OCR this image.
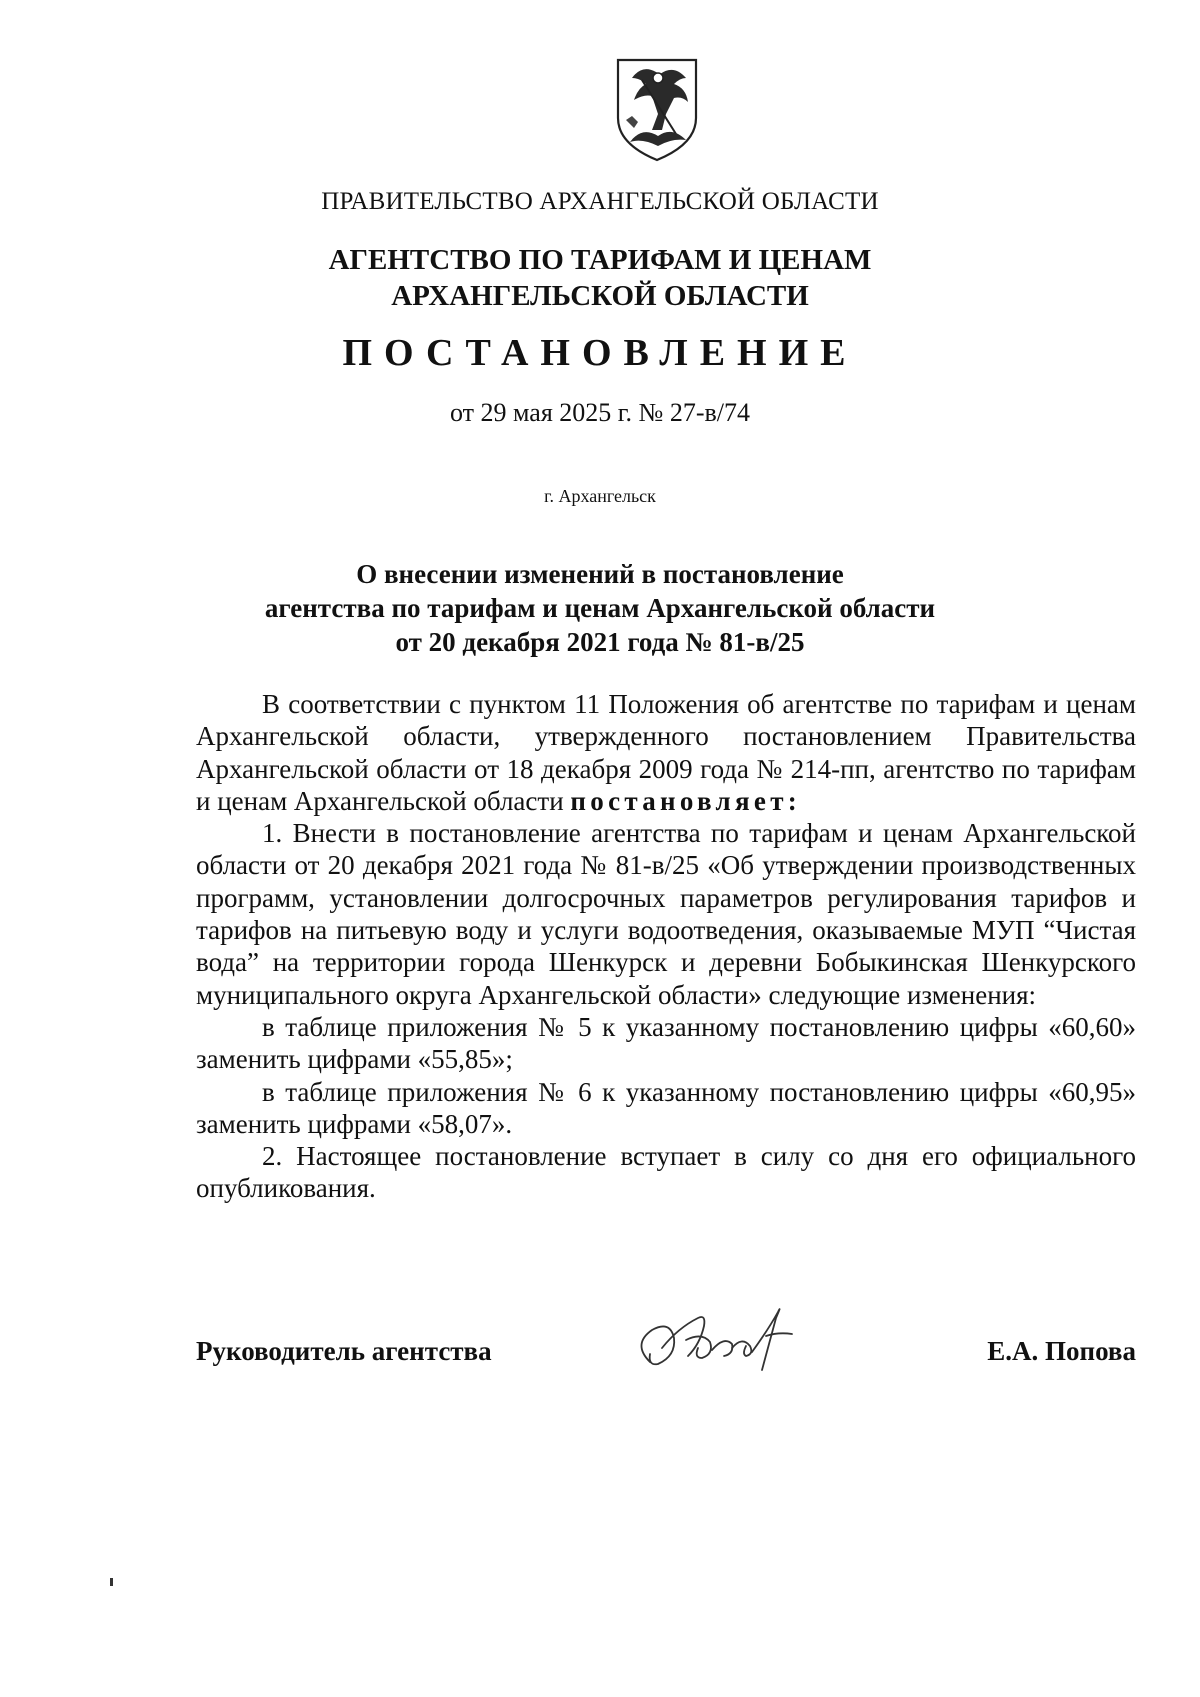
ПРАВИТЕЛЬСТВО АРХАНГЕЛЬСКОЙ ОБЛАСТИ
АГЕНТСТВО ПО ТАРИФАМ И ЦЕНАМ
АРХАНГЕЛЬСКОЙ ОБЛАСТИ
ПОСТАНОВЛЕНИЕ
от 29 мая 2025 г. № 27-в/74
г. Архангельск
О внесении изменений в постановление
агентства по тарифам и ценам Архангельской области
от 20 декабря 2021 года № 81-в/25

В соответствии с пунктом 11 Положения об агентстве по тарифам и ценам Архангельской области, утвержденного постановлением Правительства Архангельской области от 18 декабря 2009 года № 214-пп, агентство по тарифам и ценам Архангельской области постановляет:

1. Внести в постановление агентства по тарифам и ценам Архангельской области от 20 декабря 2021 года № 81-в/25 «Об утверждении производственных программ, установлении долгосрочных параметров регулирования тарифов и тарифов на питьевую воду и услуги водоотведения, оказываемые МУП “Чистая вода” на территории города Шенкурск и деревни Бобыкинская Шенкурского муниципального округа Архангельской области» следующие изменения:

в таблице приложения № 5 к указанному постановлению цифры «60,60» заменить цифрами «55,85»;

в таблице приложения № 6 к указанному постановлению цифры «60,95» заменить цифрами «58,07».

2. Настоящее постановление вступает в силу со дня его официального опубликования.

Руководитель агентства	Е.А. Попова
